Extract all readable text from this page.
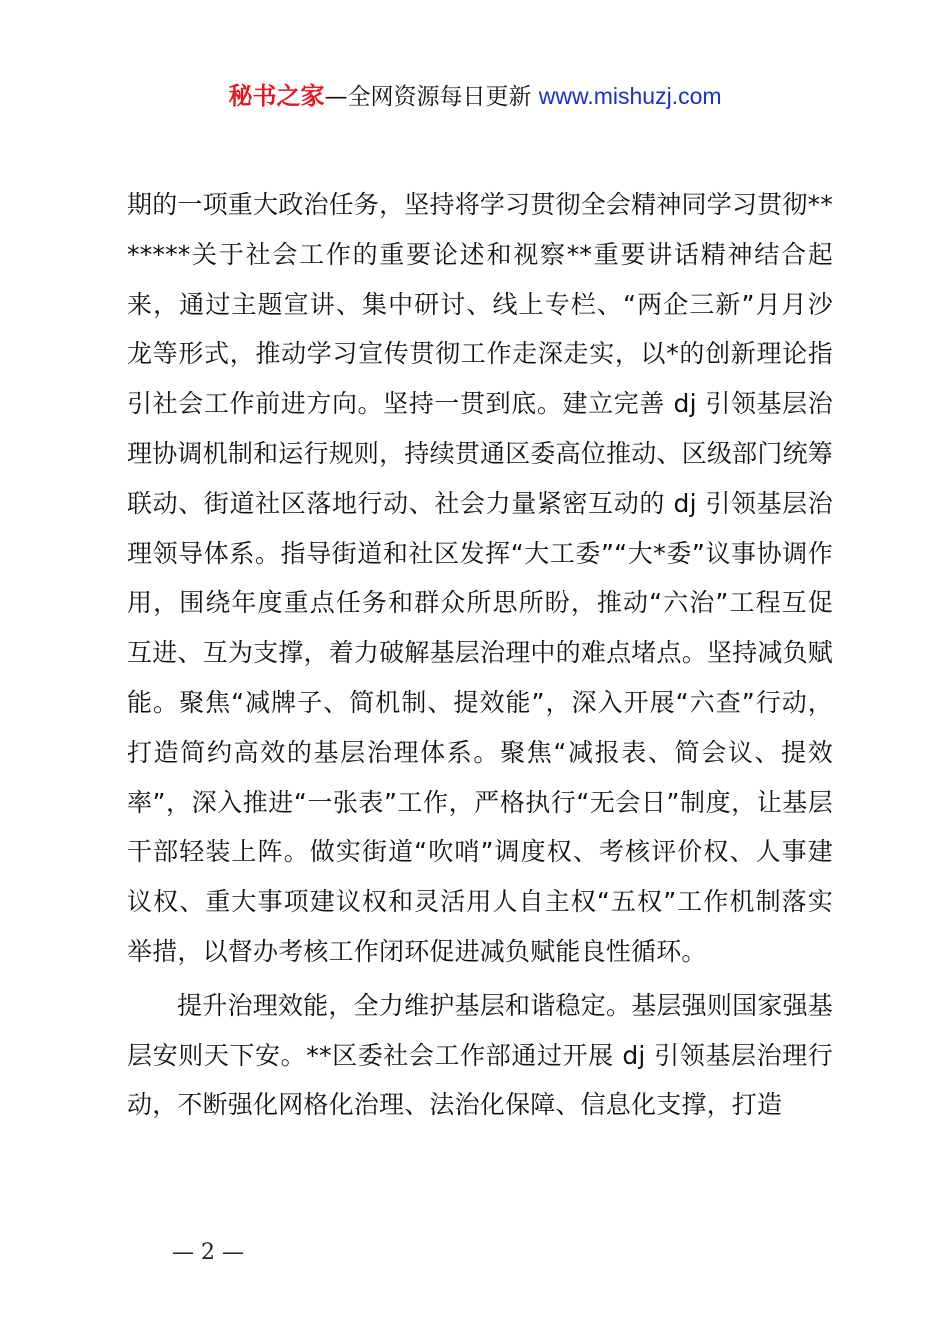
秘书之家—全网资源每日更新 www.mishuzj.com

期的一项重大政治任务，坚持将学习贯彻全会精神同学习贯彻*******关于社会工作的重要论述和视察**重要讲话精神结合起来，通过主题宣讲、集中研讨、线上专栏、“两企三新”月月沙龙等形式，推动学习宣传贯彻工作走深走实，以*的创新理论指引社会工作前进方向。坚持一贯到底。建立完善 dj 引领基层治理协调机制和运行规则，持续贯通区委高位推动、区级部门统筹联动、街道社区落地行动、社会力量紧密互动的 dj 引领基层治理领导体系。指导街道和社区发挥“大工委”“大*委”议事协调作用，围绕年度重点任务和群众所思所盼，推动“六治”工程互促互进、互为支撑，着力破解基层治理中的难点堵点。坚持减负赋能。聚焦“减牌子、简机制、提效能”，深入开展“六查”行动，打造简约高效的基层治理体系。聚焦“减报表、简会议、提效率”，深入推进“一张表”工作，严格执行“无会日”制度，让基层干部轻装上阵。做实街道“吹哨”调度权、考核评价权、人事建议权、重大事项建议权和灵活用人自主权“五权”工作机制落实举措，以督办考核工作闭环促进减负赋能良性循环。

提升治理效能，全力维护基层和谐稳定。基层强则国家强基层安则天下安。**区委社会工作部通过开展 dj 引领基层治理行动，不断强化网格化治理、法治化保障、信息化支撑，打造

— 2 —
